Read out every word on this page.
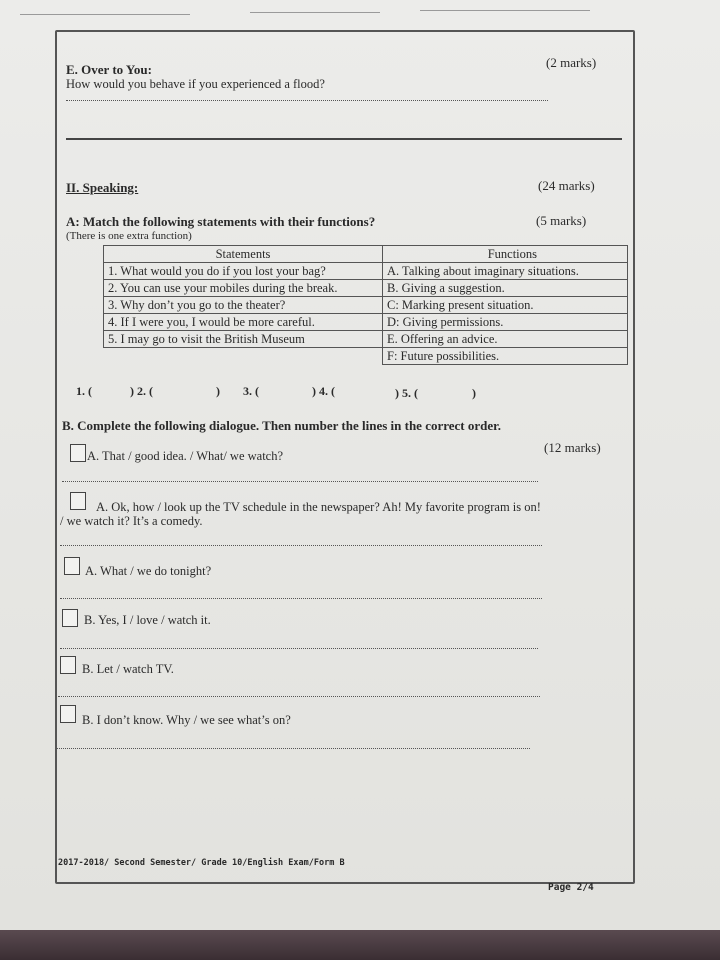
E. Over to You:	(2 marks)
How would you behave if you experienced a flood?
II. Speaking:	(24 marks)
A: Match the following statements with their functions?	(5 marks)
(There is one extra function)
Statements	Functions
1. What would you do if you lost your bag?	A. Talking about imaginary situations.
2. You can use your mobiles during the break.	B. Giving a suggestion.
3. Why don’t you go to the theater?	C: Marking present situation.
4. If I were you, I would be more careful.	D: Giving permissions.
5. I may go to visit the British Museum	E. Offering an advice.
	F: Future possibilities.
1. (	) 2. (	) 3. (	) 4. (	) 5. (	)
B. Complete the following dialogue. Then number the lines in the correct order.
(12 marks)
A. That / good idea. / What/ we watch?
A. Ok, how / look up the TV schedule in the newspaper? Ah! My favorite program is on!
/ we watch it? It’s a comedy.
A. What / we do tonight?
B. Yes, I / love / watch it.
B. Let / watch TV.
B. I don’t know. Why / we see what’s on?
2017-2018/ Second Semester/ Grade 10/English Exam/Form B
Page 2/4
